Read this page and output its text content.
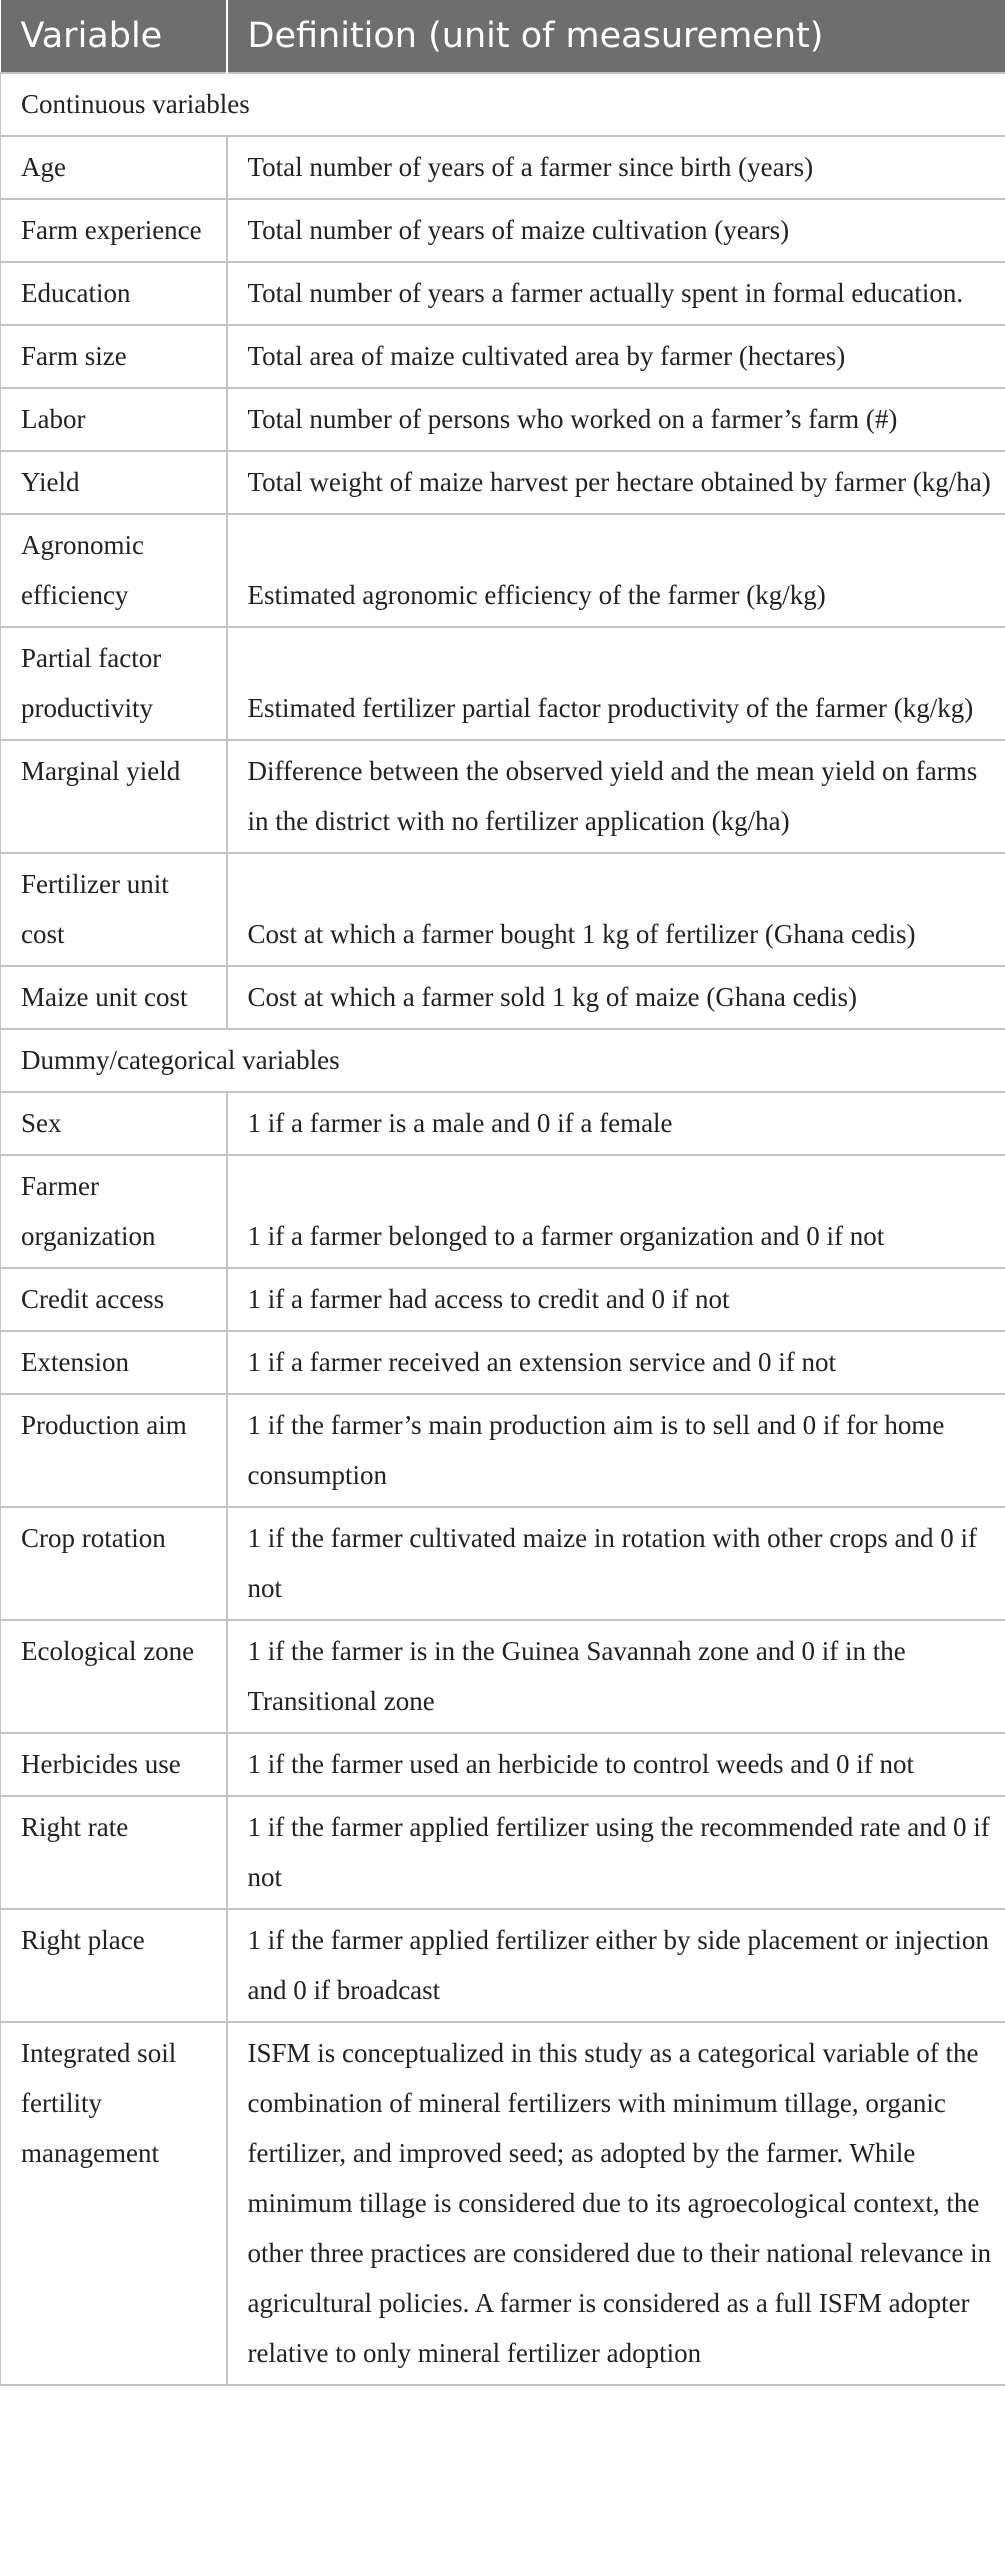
Variable	Definition (unit of measurement)
Continuous variables	
Age	Total number of years of a farmer since birth (years)
Farm experience	Total number of years of maize cultivation (years)
Education	Total number of years a farmer actually spent in formal education.
Farm size	Total area of maize cultivated area by farmer (hectares)
Labor	Total number of persons who worked on a farmer’s farm (#)
Yield	Total weight of maize harvest per hectare obtained by farmer (kg/ha)
Agronomic efficiency	Estimated agronomic efficiency of the farmer (kg/kg)
Partial factor productivity	Estimated fertilizer partial factor productivity of the farmer (kg/kg)
Marginal yield	Difference between the observed yield and the mean yield on farms in the district with no fertilizer application (kg/ha)
Fertilizer unit cost	Cost at which a farmer bought 1 kg of fertilizer (Ghana cedis)
Maize unit cost	Cost at which a farmer sold 1 kg of maize (Ghana cedis)
Dummy/categorical variables	
Sex	1 if a farmer is a male and 0 if a female
Farmer organization	1 if a farmer belonged to a farmer organization and 0 if not
Credit access	1 if a farmer had access to credit and 0 if not
Extension	1 if a farmer received an extension service and 0 if not
Production aim	1 if the farmer’s main production aim is to sell and 0 if for home consumption
Crop rotation	1 if the farmer cultivated maize in rotation with other crops and 0 if not
Ecological zone	1 if the farmer is in the Guinea Savannah zone and 0 if in the Transitional zone
Herbicides use	1 if the farmer used an herbicide to control weeds and 0 if not
Right rate	1 if the farmer applied fertilizer using the recommended rate and 0 if not
Right place	1 if the farmer applied fertilizer either by side placement or injection and 0 if broadcast
Integrated soil fertility management	ISFM is conceptualized in this study as a categorical variable of the combination of mineral fertilizers with minimum tillage, organic fertilizer, and improved seed; as adopted by the farmer. While minimum tillage is considered due to its agroecological context, the other three practices are considered due to their national relevance in agricultural policies. A farmer is considered as a full ISFM adopter relative to only mineral fertilizer adoption
